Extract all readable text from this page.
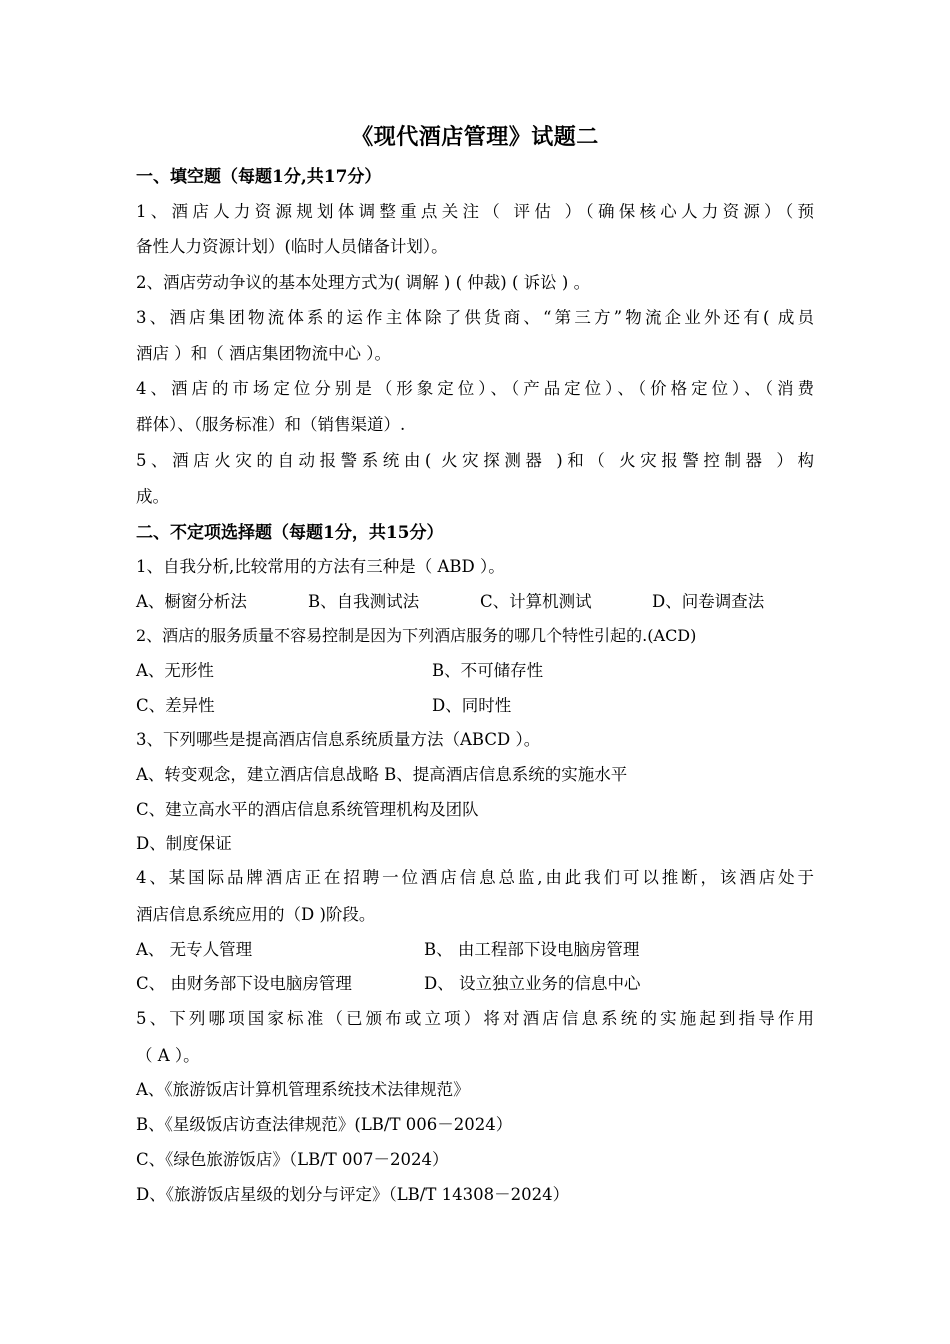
《现代酒店管理》试题二
一、填空题（每题1分,共17分）
1、酒店人力资源规划体调整重点关注（ 评估 ）（确保核心人力资源）（预
备性人力资源计划）(临时人员储备计划）。
2、酒店劳动争议的基本处理方式为( 调解 ) ( 仲裁) ( 诉讼 ) 。
3、酒店集团物流体系的运作主体除了供货商、“第三方”物流企业外还有( 成员
酒店 ）和（ 酒店集团物流中心 ）。
4、酒店的市场定位分别是（形象定位）、（产品定位）、（价格定位）、（消费
群体）、（服务标准）和（销售渠道）.
5、酒店火灾的自动报警系统由( 火灾探测器 )和（ 火灾报警控制器 ）构
成。
二、不定项选择题（每题1分，共15分）
1、自我分析,比较常用的方法有三种是（ ABD ）。
A、橱窗分析法	B、自我测试法	C、计算机测试	D、问卷调查法
2、酒店的服务质量不容易控制是因为下列酒店服务的哪几个特性引起的.(ACD)
A、无形性	B、不可储存性
C、差异性	D、同时性
3、下列哪些是提高酒店信息系统质量方法（ABCD ）。
A、转变观念，建立酒店信息战略 B、提高酒店信息系统的实施水平
C、建立高水平的酒店信息系统管理机构及团队
D、制度保证
4、某国际品牌酒店正在招聘一位酒店信息总监,由此我们可以推断，该酒店处于
酒店信息系统应用的（D )阶段。
A、 无专人管理	B、 由工程部下设电脑房管理
C、 由财务部下设电脑房管理	D、 设立独立业务的信息中心
5、下列哪项国家标准（已颁布或立项）将对酒店信息系统的实施起到指导作用
（ A ）。
A、《旅游饭店计算机管理系统技术法律规范》
B、《星级饭店访查法律规范》(LB/T 006－2024）
C、《绿色旅游饭店》（LB/T 007－2024）
D、《旅游饭店星级的划分与评定》（LB/T 14308－2024）
